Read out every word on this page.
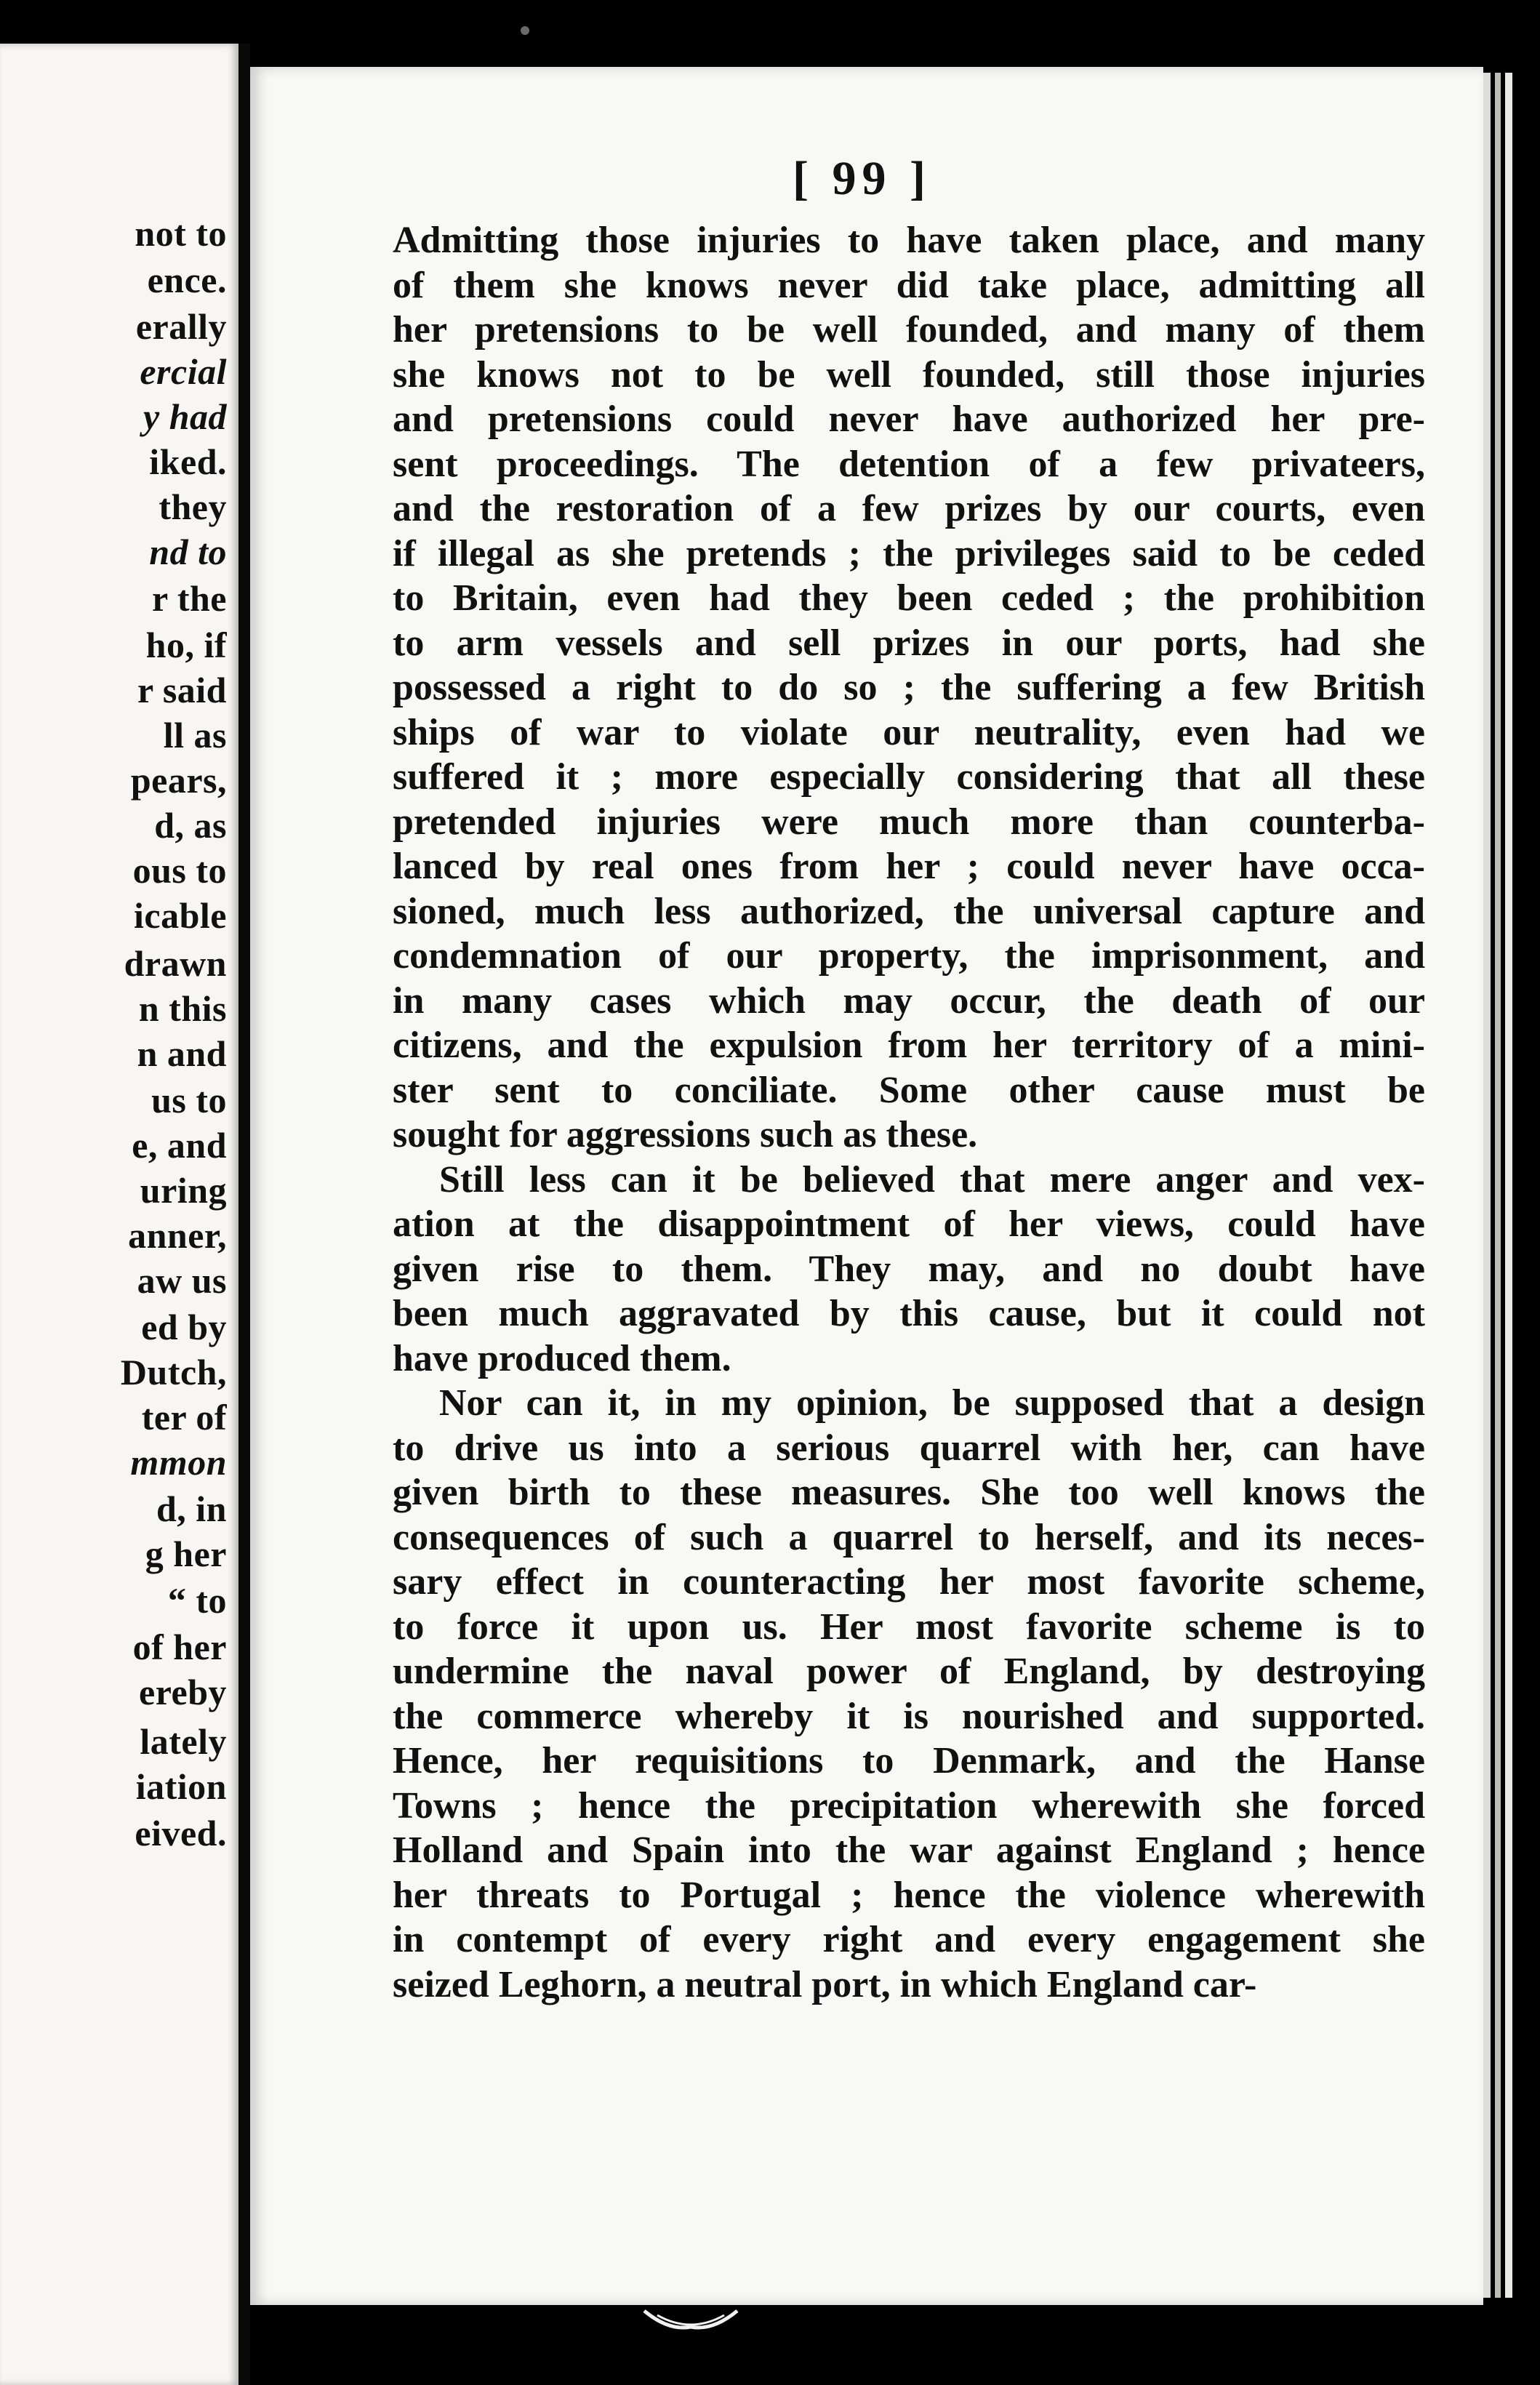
not to
ence.
erally
ercial
y had
iked.
they
nd to
r the
ho, if
r said
ll as
pears,
d, as
ous to
icable
drawn
n this
n and
us to
e, and
uring
anner,
aw us
ed by
Dutch,
ter of
mmon
d, in
g her
“ to
of her
ereby
lately
iation
eived.
[ 99 ]
Admitting those injuries to have taken place, and many
of them she knows never did take place, admitting all
her pretensions to be well founded, and many of them
she knows not to be well founded, still those injuries
and pretensions could never have authorized her pre-
sent proceedings. The detention of a few privateers,
and the restoration of a few prizes by our courts, even
if illegal as she pretends ; the privileges said to be ceded
to Britain, even had they been ceded ; the prohibition
to arm vessels and sell prizes in our ports, had she
possessed a right to do so ; the suffering a few British
ships of war to violate our neutrality, even had we
suffered it ; more especially considering that all these
pretended injuries were much more than counterba-
lanced by real ones from her ; could never have occa-
sioned, much less authorized, the universal capture and
condemnation of our property, the imprisonment, and
in many cases which may occur, the death of our
citizens, and the expulsion from her territory of a mini-
ster sent to conciliate. Some other cause must be
sought for aggressions such as these.
Still less can it be believed that mere anger and vex-
ation at the disappointment of her views, could have
given rise to them. They may, and no doubt have
been much aggravated by this cause, but it could not
have produced them.
Nor can it, in my opinion, be supposed that a design
to drive us into a serious quarrel with her, can have
given birth to these measures. She too well knows the
consequences of such a quarrel to herself, and its neces-
sary effect in counteracting her most favorite scheme,
to force it upon us. Her most favorite scheme is to
undermine the naval power of England, by destroying
the commerce whereby it is nourished and supported.
Hence, her requisitions to Denmark, and the Hanse
Towns ; hence the precipitation wherewith she forced
Holland and Spain into the war against England ; hence
her threats to Portugal ; hence the violence wherewith
in contempt of every right and every engagement she
seized Leghorn, a neutral port, in which England car-
